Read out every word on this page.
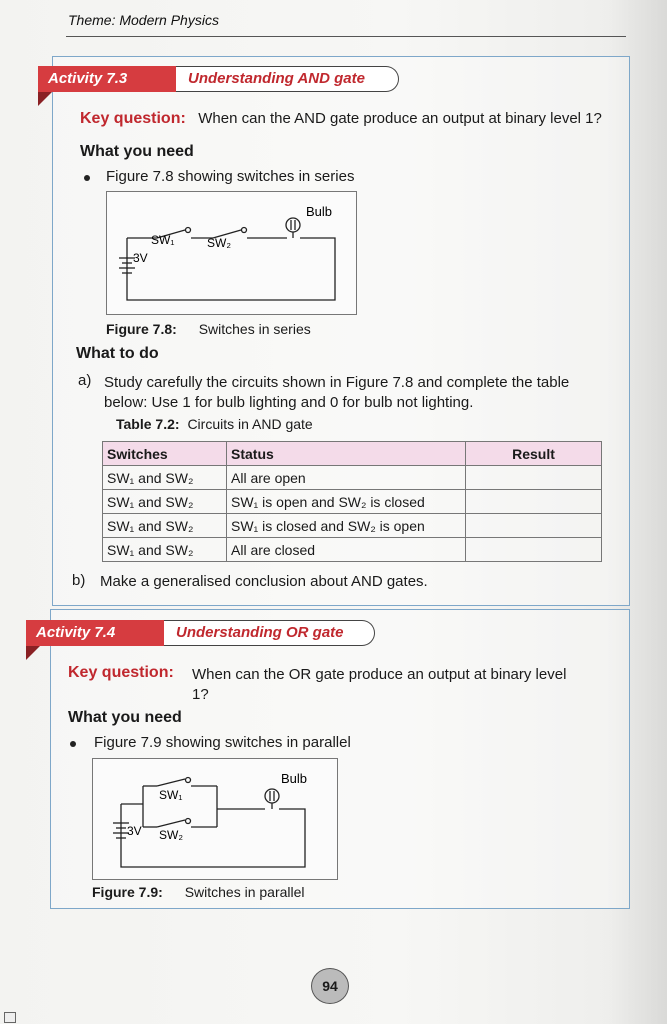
Theme: Modern Physics
Activity 7.3	Understanding AND gate
Key question: When can the AND gate produce an output at binary level 1?
What you need
Figure 7.8 showing switches in series
Bulb
SW₁	SW₂
3V
Figure 7.8: Switches in series
What to do
a) Study carefully the circuits shown in Figure 7.8 and complete the table
below: Use 1 for bulb lighting and 0 for bulb not lighting.
Table 7.2: Circuits in AND gate
Switches	Status	Result
SW₁ and SW₂	All are open	
SW₁ and SW₂	SW₁ is open and SW₂ is closed	
SW₁ and SW₂	SW₁ is closed and SW₂ is open	
SW₁ and SW₂	All are closed	
b) Make a generalised conclusion about AND gates.
Activity 7.4	Understanding OR gate
Key question: When can the OR gate produce an output at binary level
1?
What you need
Figure 7.9 showing switches in parallel
Bulb
SW₁
SW₂
3V
Figure 7.9: Switches in parallel
94
